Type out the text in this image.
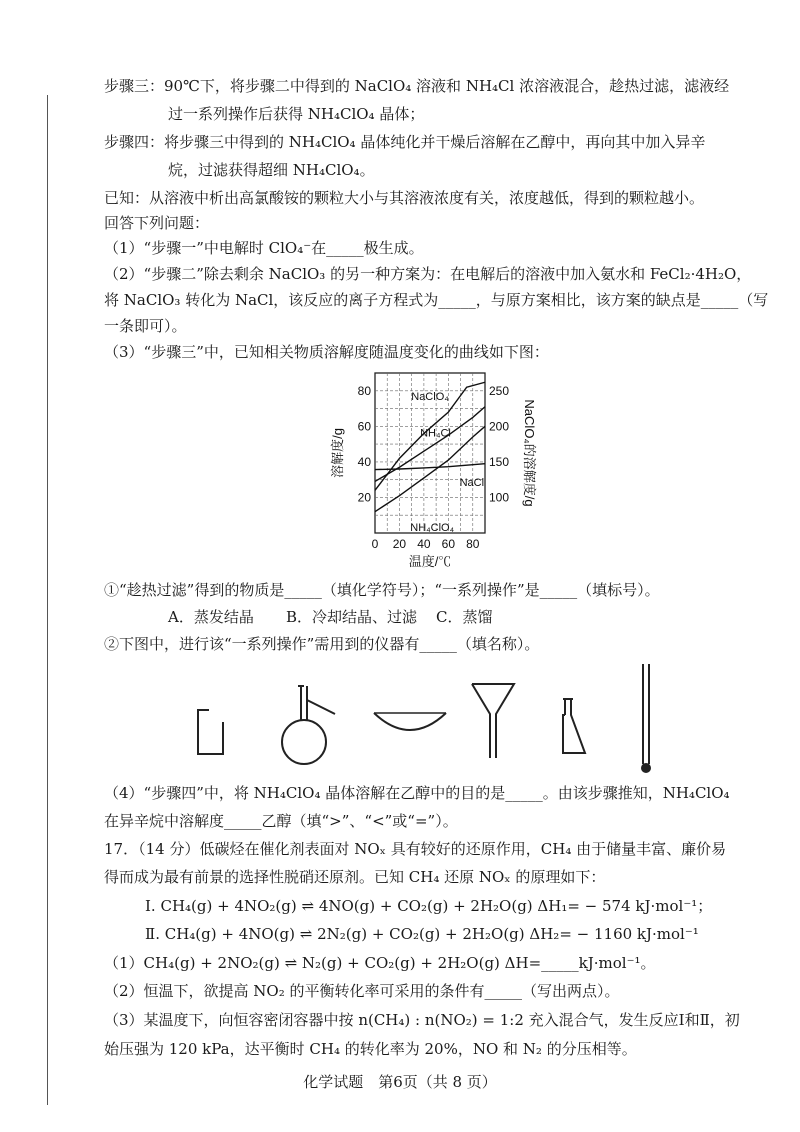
步骤三：90℃下，将步骤二中得到的 NaClO₄ 溶液和 NH₄Cl 浓溶液混合，趁热过滤，滤液经
过一系列操作后获得 NH₄ClO₄ 晶体；
步骤四：将步骤三中得到的 NH₄ClO₄ 晶体纯化并干燥后溶解在乙醇中，再向其中加入异辛
烷，过滤获得超细 NH₄ClO₄。
已知：从溶液中析出高氯酸铵的颗粒大小与其溶液浓度有关，浓度越低，得到的颗粒越小。
回答下列问题：
（1）“步骤一”中电解时 ClO₄⁻在_____极生成。
（2）“步骤二”除去剩余 NaClO₃ 的另一种方案为：在电解后的溶液中加入氨水和 FeCl₂·4H₂O，
将 NaClO₃ 转化为 NaCl，该反应的离子方程式为_____，与原方案相比，该方案的缺点是_____（写
一条即可）。
（3）“步骤三”中，已知相关物质溶解度随温度变化的曲线如下图：
0 20 40 60 80
20
40
60
80
100
150
200
250
温度/℃
溶解度/g	NaClO₄的溶解度/g
NaClO₄
NH₄Cl
NaCl
NH₄ClO₄
①“趁热过滤”得到的物质是_____（填化学符号）；“一系列操作”是_____（填标号）。
A．蒸发结晶 B．冷却结晶、过滤 C．蒸馏
②下图中，进行该“一系列操作”需用到的仪器有_____（填名称）。
（4）“步骤四”中，将 NH₄ClO₄ 晶体溶解在乙醇中的目的是_____。由该步骤推知，NH₄ClO₄
在异辛烷中溶解度_____乙醇（填“>”、“<”或“=”）。
17．（14 分）低碳烃在催化剂表面对 NOₓ 具有较好的还原作用，CH₄ 由于储量丰富、廉价易
得而成为最有前景的选择性脱硝还原剂。已知 CH₄ 还原 NOₓ 的原理如下：
Ⅰ. CH₄(g) + 4NO₂(g) ⇌ 4NO(g) + CO₂(g) + 2H₂O(g) ΔH₁= − 574 kJ·mol⁻¹；
Ⅱ. CH₄(g) + 4NO(g) ⇌ 2N₂(g) + CO₂(g) + 2H₂O(g) ΔH₂= − 1160 kJ·mol⁻¹
（1）CH₄(g) + 2NO₂(g) ⇌ N₂(g) + CO₂(g) + 2H₂O(g) ΔH=_____kJ·mol⁻¹。
（2）恒温下，欲提高 NO₂ 的平衡转化率可采用的条件有_____（写出两点）。
（3）某温度下，向恒容密闭容器中按 n(CH₄) : n(NO₂) = 1:2 充入混合气，发生反应Ⅰ和Ⅱ，初
始压强为 120 kPa，达平衡时 CH₄ 的转化率为 20%，NO 和 N₂ 的分压相等。
化学试题　第6页（共 8 页）
